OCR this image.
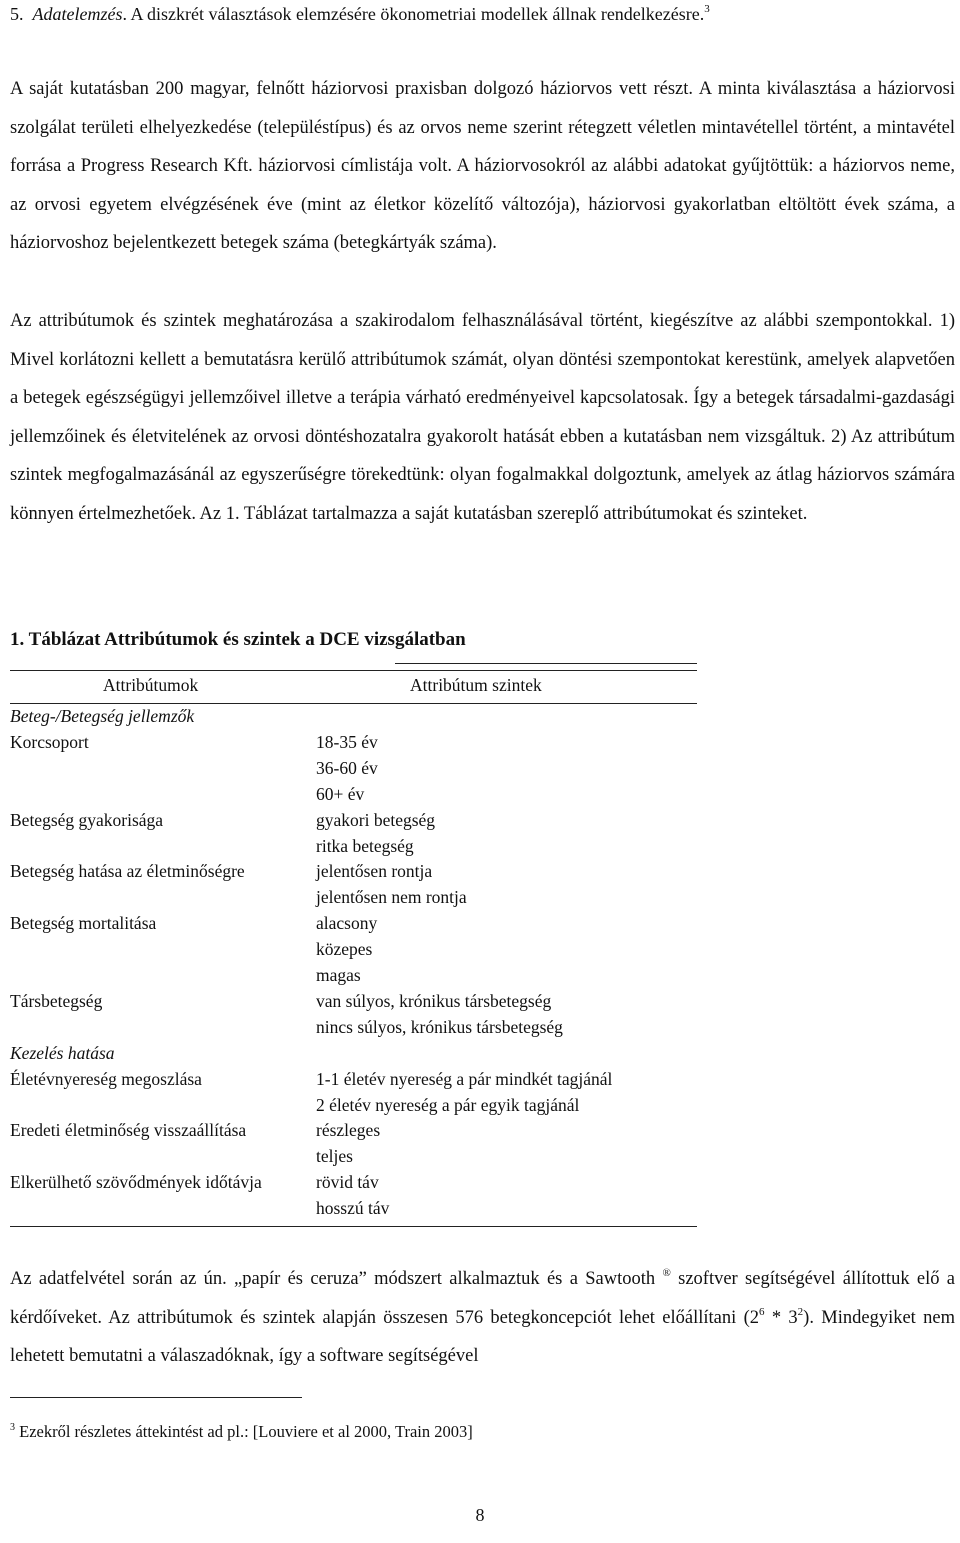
5. Adatelemzés. A diszkrét választások elemzésére ökonometriai modellek állnak rendelkezésre.$^3$

A saját kutatásban 200 magyar, felnőtt háziorvosi praxisban dolgozó háziorvos vett részt. A minta kiválasztása a háziorvosi szolgálat területi elhelyezkedése (településtípus) és az orvos neme szerint rétegzett véletlen mintavétellel történt, a mintavétel forrása a Progress Research Kft. háziorvosi címlistája volt. A háziorvosokról az alábbi adatokat gyűjtöttük: a háziorvos neme, az orvosi egyetem elvégzésének éve (mint az életkor közelítő változója), háziorvosi gyakorlatban eltöltött évek száma, a háziorvoshoz bejelentkezett betegek száma (betegkártyák száma).

Az attribútumok és szintek meghatározása a szakirodalom felhasználásával történt, kiegészítve az alábbi szempontokkal. 1) Mivel korlátozni kellett a bemutatásra kerülő attribútumok számát, olyan döntési szempontokat kerestünk, amelyek alapvetően a betegek egészségügyi jellemzőivel illetve a terápia várható eredményeivel kapcsolatosak. Így a betegek társadalmi-gazdasági jellemzőinek és életvitelének az orvosi döntéshozatalra gyakorolt hatását ebben a kutatásban nem vizsgáltuk. 2) Az attribútum szintek megfogalmazásánál az egyszerűségre törekedtünk: olyan fogalmakkal dolgoztunk, amelyek az átlag háziorvos számára könnyen értelmezhetőek. Az 1. Táblázat tartalmazza a saját kutatásban szereplő attribútumokat és szinteket.

1. Táblázat Attribútumok és szintek a DCE vizsgálatban
Attribútumok	Attribútum szintek
Beteg-/Betegség jellemzők
Korcsoport	18-35 év
36-60 év
60+ év
Betegség gyakorisága	gyakori betegség
ritka betegség
Betegség hatása az életminőségre	jelentősen rontja
jelentősen nem rontja
Betegség mortalitása	alacsony
közepes
magas
Társbetegség	van súlyos, krónikus társbetegség
nincs súlyos, krónikus társbetegség
Kezelés hatása
Életévnyereség megoszlása	1-1 életév nyereség a pár mindkét tagjánál
2 életév nyereség a pár egyik tagjánál
Eredeti életminőség visszaállítása	részleges
teljes
Elkerülhető szövődmények időtávja	rövid táv
hosszú táv

Az adatfelvétel során az ún. „papír és ceruza” módszert alkalmaztuk és a Sawtooth ® szoftver segítségével állítottuk elő a kérdőíveket. Az attribútumok és szintek alapján összesen 576 betegkoncepciót lehet előállítani $(2^6 * 3^2)$. Mindegyiket nem lehetett bemutatni a válaszadóknak, így a software segítségével

$^3$ Ezekről részletes áttekintést ad pl.: [Louviere et al 2000, Train 2003]
8
